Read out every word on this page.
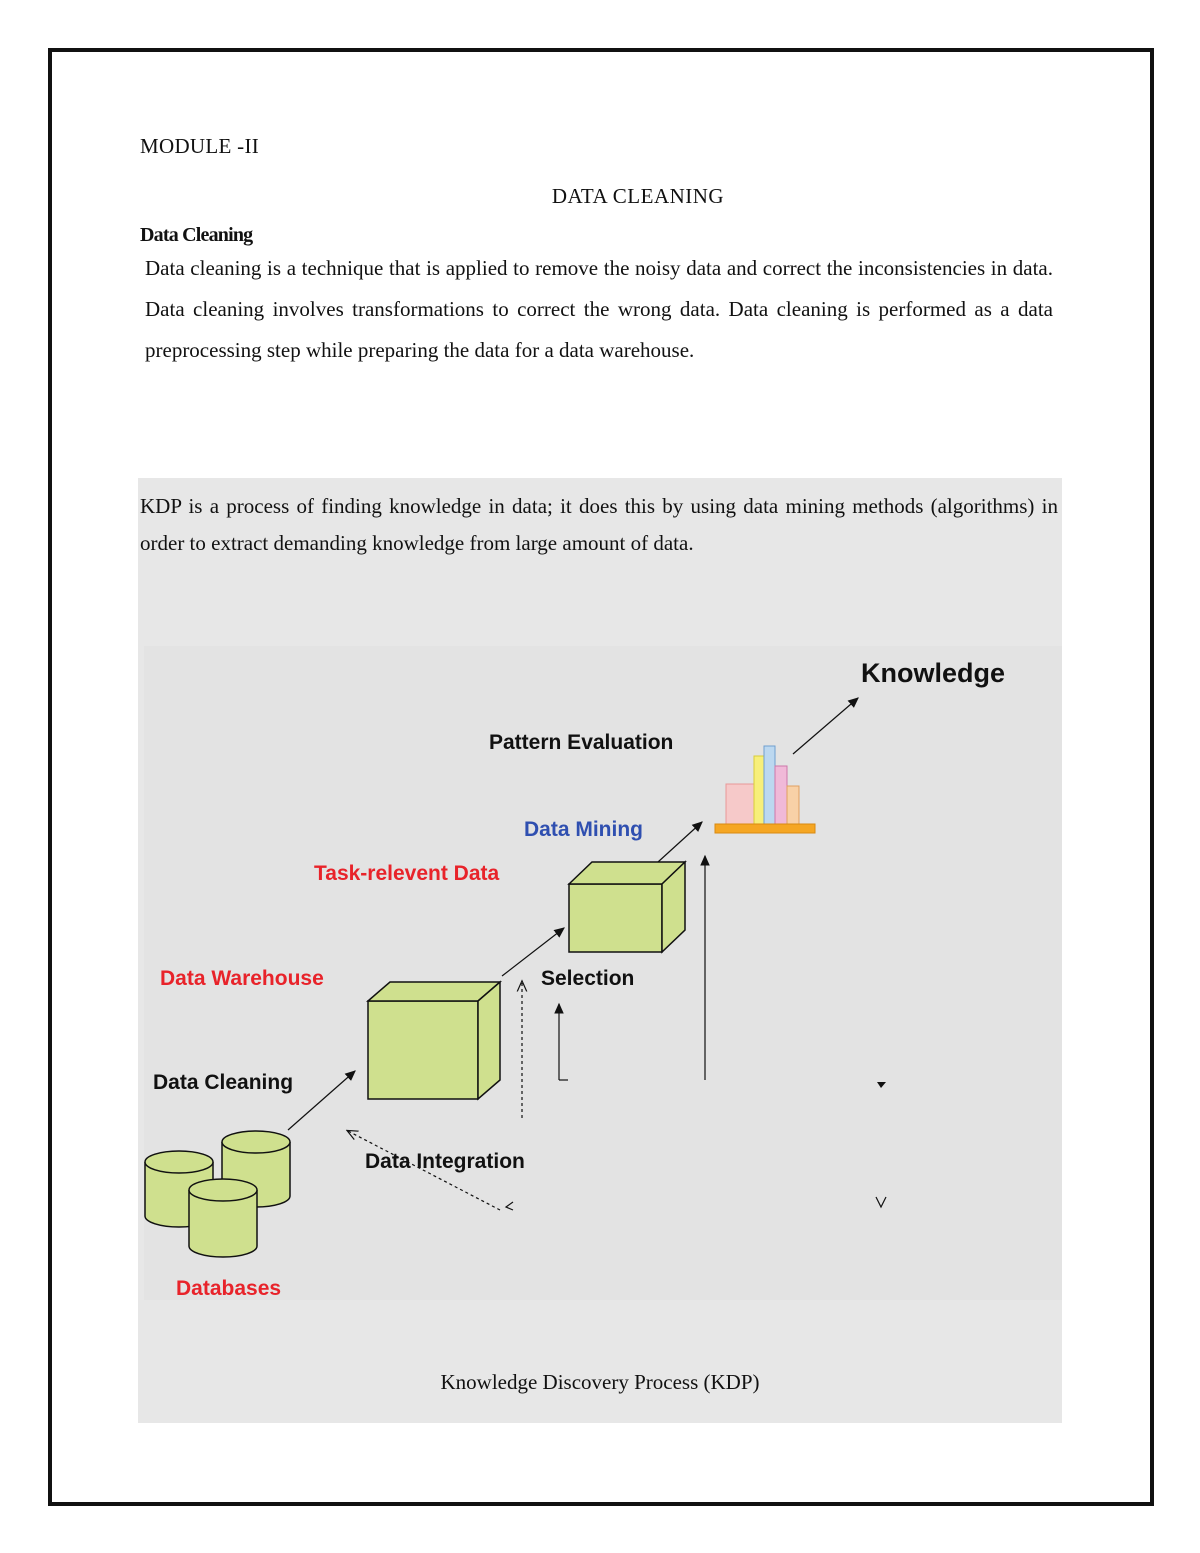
MODULE -II
DATA CLEANING
Data Cleaning

Data cleaning is a technique that is applied to remove the noisy data and correct the inconsistencies in data. Data cleaning involves transformations to correct the wrong data. Data cleaning is performed as a data preprocessing step while preparing the data for a data warehouse.

KDP is a process of finding knowledge in data; it does this by using data mining methods (algorithms) in order to extract demanding knowledge from large amount of data.

Knowledge
Pattern Evaluation
Data Mining
Task-relevent Data
Data Warehouse	Selection
Data Cleaning
Data Integration
Databases
Knowledge Discovery Process (KDP)
